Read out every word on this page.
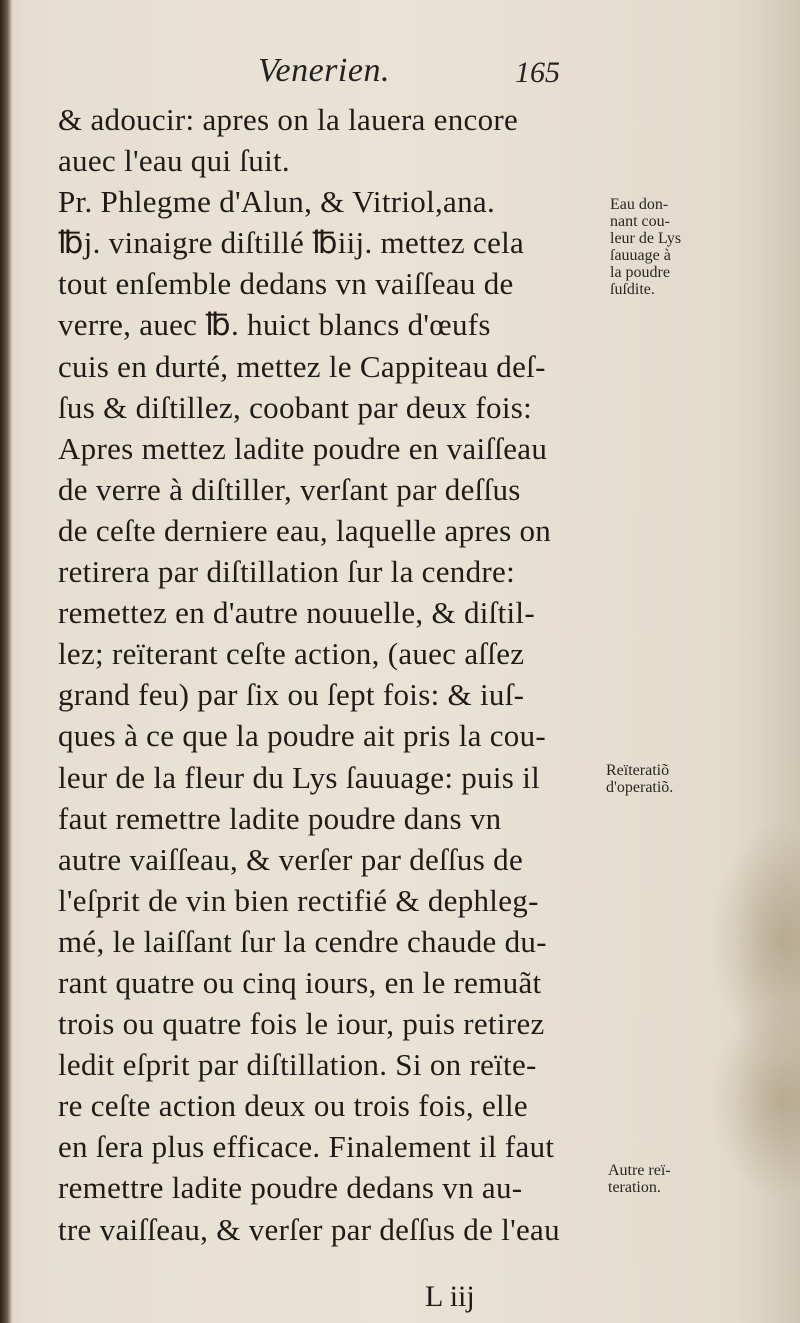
Venerien.	165
& adoucir: apres on la lauera encore
auec l'eau qui ſuit.
Pr. Phlegme d'Alun, & Vitriol,ana.
℔j. vinaigre diſtillé ℔iij. mettez cela
tout enſemble dedans vn vaiſſeau de
verre, auec ℔. huict blancs d'œufs
cuis en durté, mettez le Cappiteau deſ-
ſus & diſtillez, coobant par deux fois:
Apres mettez ladite poudre en vaiſſeau
de verre à diſtiller, verſant par deſſus
de ceſte derniere eau, laquelle apres on
retirera par diſtillation ſur la cendre:
remettez en d'autre nouuelle, & diſtil-
lez; reïterant ceſte action, (auec aſſez
grand feu) par ſix ou ſept fois: & iuſ-
ques à ce que la poudre ait pris la cou-
leur de la fleur du Lys ſauuage: puis il
faut remettre ladite poudre dans vn
autre vaiſſeau, & verſer par deſſus de
l'eſprit de vin bien rectifié & dephleg-
mé, le laiſſant ſur la cendre chaude du-
rant quatre ou cinq iours, en le remuãt
trois ou quatre fois le iour, puis retirez
ledit eſprit par diſtillation. Si on reïte-
re ceſte action deux ou trois fois, elle
en ſera plus efficace. Finalement il faut
remettre ladite poudre dedans vn au-
tre vaiſſeau, & verſer par deſſus de l'eau
Eau don-
nant cou-
leur de Lys
ſauuage à
la poudre
ſuſdite.
Reïteratiõ
d'operatiõ.
Autre reï-
teration.
L iij
